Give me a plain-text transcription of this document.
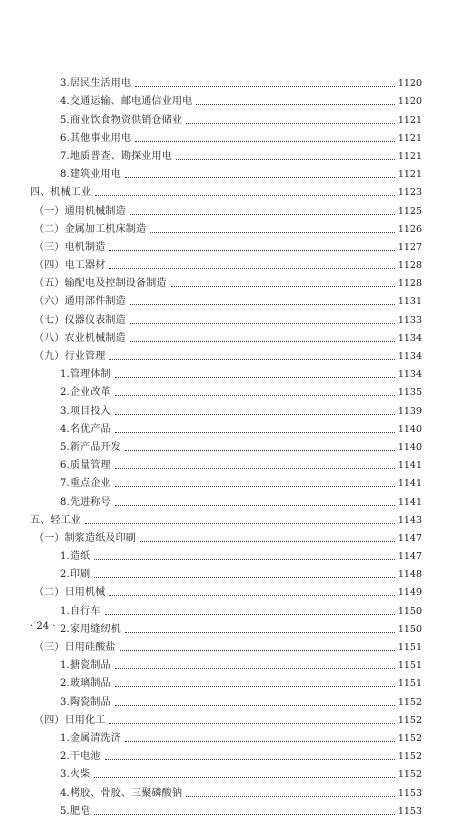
3.居民生活用电	1120
4.交通运输、邮电通信业用电	1120
5.商业饮食物资供销仓储业	1121
6.其他事业用电	1121
7.地质普查、勘探业用电	1121
8.建筑业用电	1121
四、机械工业	1123
（一）通用机械制造	1125
（二）金属加工机床制造	1126
（三）电机制造	1127
（四）电工器材	1128
（五）输配电及控制设备制造	1128
（六）通用部件制造	1131
（七）仪器仪表制造	1133
（八）农业机械制造	1134
（九）行业管理	1134
1.管理体制	1134
2.企业改革	1135
3.项目投入	1139
4.名优产品	1140
5.新产品开发	1140
6.质量管理	1141
7.重点企业	1141
8.先进称号	1141
五、轻工业	1143
（一）制浆造纸及印刷	1147
1.造纸	1147
2.印刷	1148
（二）日用机械	1149
1.自行车	1150
2.家用缝纫机	1150
（三）日用硅酸盐	1151
1.搪瓷制品	1151
2.玻璃制品	1151
3.陶瓷制品	1152
（四）日用化工	1152
1.金属清洗济	1152
2.干电池	1152
3.火柴	1152
4.栲胶、骨胶、三聚磷酸钠	1153
5.肥皂	1153
· 24 ·
